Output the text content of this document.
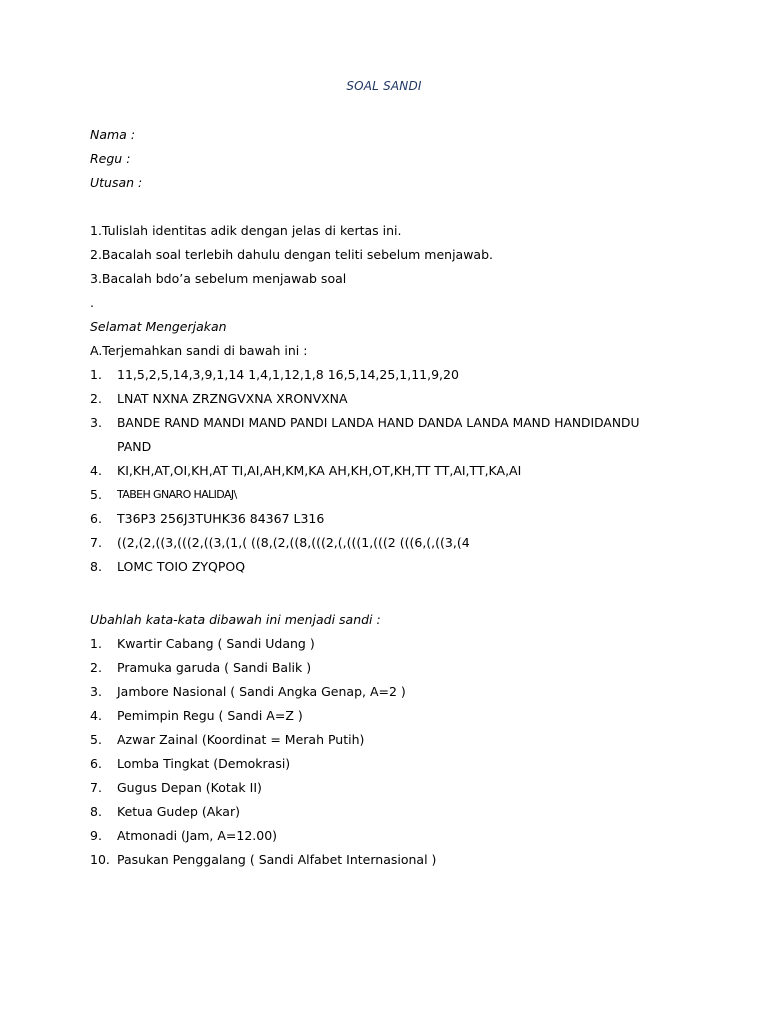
SOAL SANDI
Nama :
Regu :
Utusan :
1.Tulislah identitas adik dengan jelas di kertas ini.
2.Bacalah soal terlebih dahulu dengan teliti sebelum menjawab.
3.Bacalah bdo’a sebelum menjawab soal
.
Selamat Mengerjakan
A.Terjemahkan sandi di bawah ini :
1. 11,5,2,5,14,3,9,1,14 1,4,1,12,1,8 16,5,14,25,1,11,9,20
2. LNAT NXNA ZRZNGVXNA XRONVXNA
3. BANDE RAND MANDI MAND PANDI LANDA HAND DANDA LANDA MAND HANDIDANDU
PAND
4. KI,KH,AT,OI,KH,AT TI,AI,AH,KM,KA AH,KH,OT,KH,TT TT,AI,TT,KA,AI
5. TABEH GNARO HALIDAJ\
6. T36P3 256J3TUHK36 84367 L316
7. ((2,(2,((3,(((2,((3,(1,( ((8,(2,((8,(((2,(,(((1,(((2 (((6,(,((3,(4
8. LOMC TOIO ZYQPOQ
Ubahlah kata-kata dibawah ini menjadi sandi :
1. Kwartir Cabang ( Sandi Udang )
2. Pramuka garuda ( Sandi Balik )
3. Jambore Nasional ( Sandi Angka Genap, A=2 )
4. Pemimpin Regu ( Sandi A=Z )
5. Azwar Zainal (Koordinat = Merah Putih)
6. Lomba Tingkat (Demokrasi)
7. Gugus Depan (Kotak II)
8. Ketua Gudep (Akar)
9. Atmonadi (Jam, A=12.00)
10. Pasukan Penggalang ( Sandi Alfabet Internasional )
